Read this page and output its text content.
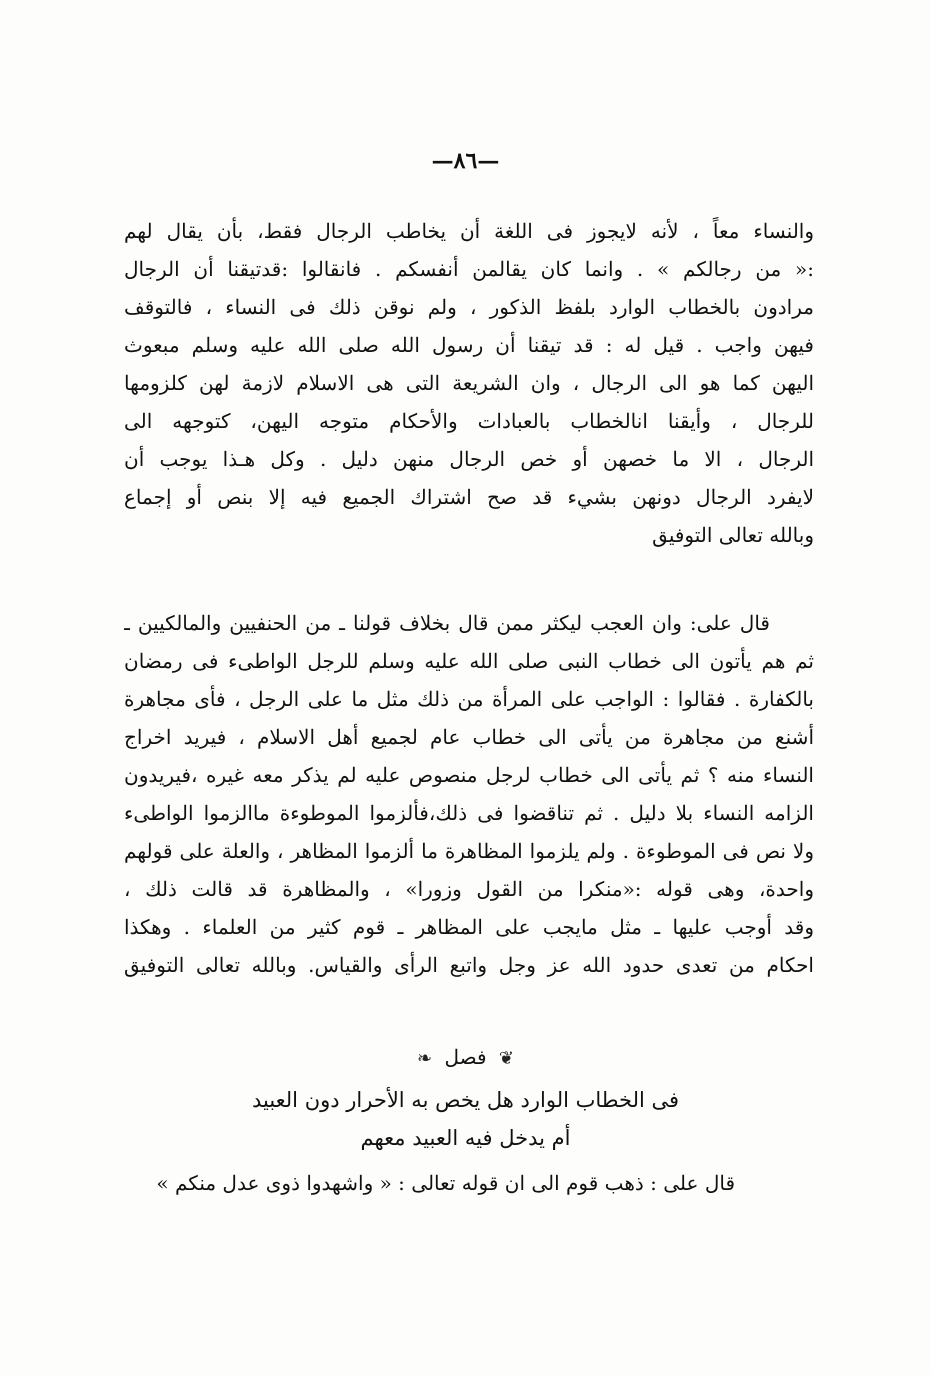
—٨٦—
والنساء معاً ، لأنه لايجوز فى اللغة أن يخاطب الرجال فقط، بأن يقال لهم
:« من رجالكم » . وانما كان يقالمن أنفسكم . فانقالوا :قدتيقنا أن الرجال
مرادون بالخطاب الوارد بلفظ الذكور ، ولم نوقن ذلك فى النساء ، فالتوقف
فيهن واجب . قيل له : قد تيقنا أن رسول الله صلى الله عليه وسلم مبعوث
اليهن كما هو الى الرجال ، وان الشريعة التى هى الاسلام لازمة لهن كلزومها
للرجال ، وأيقنا انالخطاب بالعبادات والأحكام متوجه اليهن، كتوجهه الى
الرجال ، الا ما خصهن أو خص الرجال منهن دليل . وكل هـذا يوجب أن
لايفرد الرجال دونهن بشيء قد صح اشتراك الجميع فيه إلا بنص أو إجماع
وبالله تعالى التوفيق
قال على: وان العجب ليكثر ممن قال بخلاف قولنا ـ من الحنفيين والمالكيين ـ
ثم هم يأتون الى خطاب النبى صلى الله عليه وسلم للرجل الواطىء فى رمضان
بالكفارة . فقالوا : الواجب على المرأة من ذلك مثل ما على الرجل ، فأى مجاهرة
أشنع من مجاهرة من يأتى الى خطاب عام لجميع أهل الاسلام ، فيريد اخراج
النساء منه ؟ ثم يأتى الى خطاب لرجل منصوص عليه لم يذكر معه غيره ،فيريدون
الزامه النساء بلا دليل . ثم تناقضوا فى ذلك،فألزموا الموطوءة ماالزموا الواطىء
ولا نص فى الموطوءة . ولم يلزموا المظاهرة ما ألزموا المظاهر ، والعلة على قولهم
واحدة، وهى قوله :«منكرا من القول وزورا» ، والمظاهرة قد قالت ذلك ،
وقد أوجب عليها ـ مثل مايجب على المظاهر ـ قوم كثير من العلماء . وهكذا
احكام من تعدى حدود الله عز وجل واتبع الرأى والقياس. وبالله تعالى التوفيق
❦ فصل ❧
فى الخطاب الوارد هل يخص به الأحرار دون العبيد
أم يدخل فيه العبيد معهم
قال على : ذهب قوم الى ان قوله تعالى : « واشهدوا ذوى عدل منكم »
